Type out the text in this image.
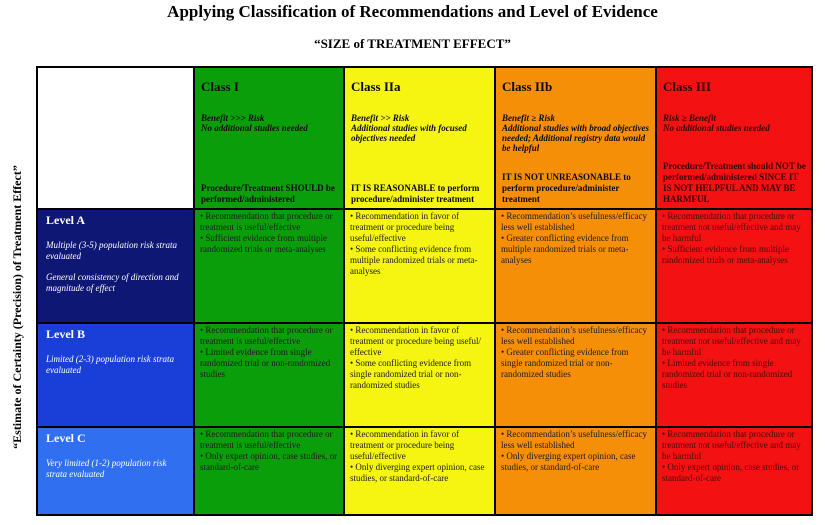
Applying Classification of Recommendations and Level of Evidence
“SIZE of TREATMENT EFFECT”
“Estimate of Certainty (Precision) of Treatment Effect”
Class I
Benefit >>> Risk
No additional studies needed
Procedure/Treatment SHOULD be performed/administered
Class IIa
Benefit >> Risk
Additional studies with focused objectives needed
IT IS REASONABLE to perform procedure/administer treatment
Class IIb
Benefit ≥ Risk
Additional studies with broad objectives needed; Additional registry data would be helpful
IT IS NOT UNREASONABLE to perform procedure/administer treatment
Class III
Risk ≥ Benefit
No additional studies needed
Procedure/Treatment should NOT be performed/administered SINCE IT IS NOT HELPFUL AND MAY BE HARMFUL
Level A
Multiple (3-5) population risk strata evaluated
General consistency of direction and magnitude of effect

• Recommendation that procedure or treatment is useful/effective

• Sufficient evidence from multiple randomized trials or meta-analyses

• Recommendation in favor of treatment or procedure being useful/effective

• Some conflicting evidence from multiple randomized trials or meta-analyses

• Recommendation’s usefulness/efficacy less well established

• Greater conflicting evidence from multiple randomized trials or meta-analyses

• Recommendation that procedure or treatment not useful/effective and may be harmful

• Sufficient evidence from multiple randomized trials or meta-analyses

Level B
Limited (2-3) population risk strata evaluated

• Recommendation that procedure or treatment is useful/effective

• Limited evidence from single randomized trial or non-randomized studies

• Recommendation in favor of treatment or procedure being useful/ effective

• Some conflicting evidence from single randomized trial or non-randomized studies

• Recommendation’s usefulness/efficacy less well established

• Greater conflicting evidence from single randomized trial or non-randomized studies

• Recommendation that procedure or treatment not useful/effective and may be harmful

• Limited evidence from single randomized trial or non-randomized studies

Level C
Very limited (1-2) population risk strata evaluated

• Recommendation that procedure or treatment is useful/effective

• Only expert opinion, case studies, or standard-of-care

• Recommendation in favor of treatment or procedure being useful/effective

• Only diverging expert opinion, case studies, or standard-of-care

• Recommendation’s usefulness/efficacy less well established

• Only diverging expert opinion, case studies, or standard-of-care

• Recommendation that procedure or treatment not useful/effective and may be harmful

• Only expert opinion, case studies, or standard-of-care
